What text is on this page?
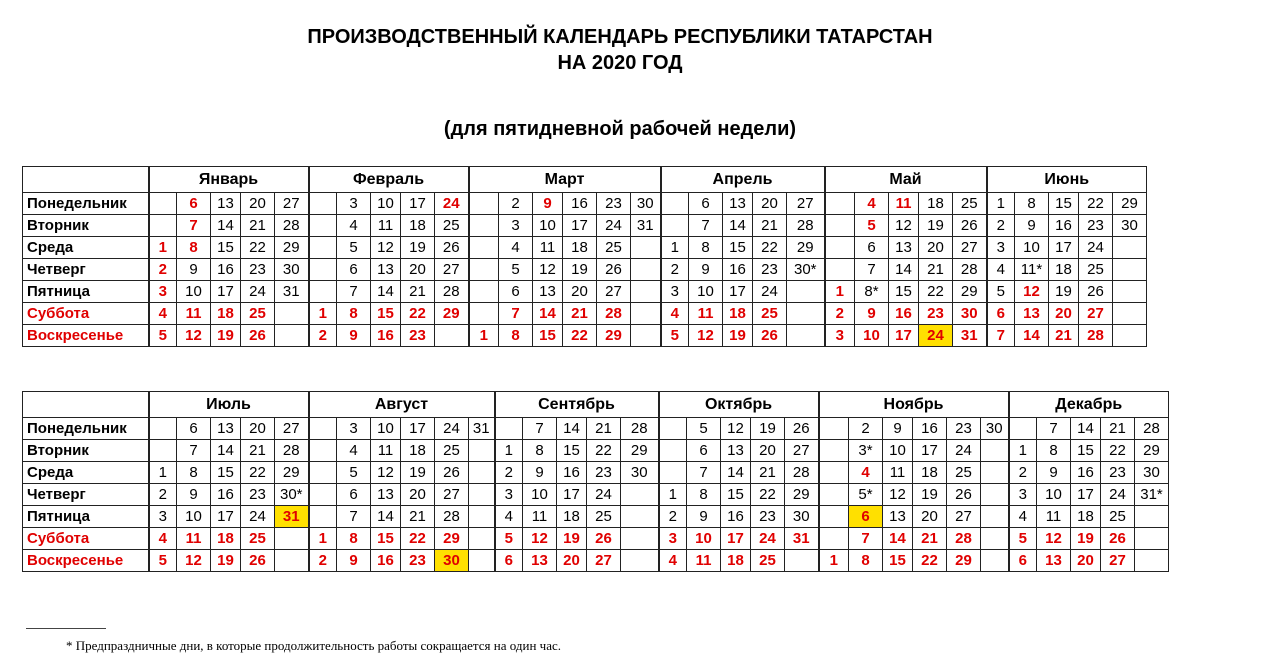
ПРОИЗВОДСТВЕННЫЙ КАЛЕНДАРЬ РЕСПУБЛИКИ ТАТАРСТАН
НА 2020 ГОД
(для пятидневной рабочей недели)
	Январь					Февраль					Март						Апрель					Май					Июнь				
Понедельник		6	13	20	27		3	10	17	24		2	9	16	23	30		6	13	20	27		4	11	18	25	1	8	15	22	29
Вторник		7	14	21	28		4	11	18	25		3	10	17	24	31		7	14	21	28		5	12	19	26	2	9	16	23	30
Среда	1	8	15	22	29		5	12	19	26		4	11	18	25		1	8	15	22	29		6	13	20	27	3	10	17	24	
Четверг	2	9	16	23	30		6	13	20	27		5	12	19	26		2	9	16	23	30*		7	14	21	28	4	11*	18	25	
Пятница	3	10	17	24	31		7	14	21	28		6	13	20	27		3	10	17	24		1	8*	15	22	29	5	12	19	26	
Суббота	4	11	18	25		1	8	15	22	29		7	14	21	28		4	11	18	25		2	9	16	23	30	6	13	20	27	
Воскресенье	5	12	19	26		2	9	16	23		1	8	15	22	29		5	12	19	26		3	10	17	24	31	7	14	21	28	
	Июль					Август						Сентябрь					Октябрь					Ноябрь						Декабрь				
Понедельник		6	13	20	27		3	10	17	24	31		7	14	21	28		5	12	19	26		2	9	16	23	30		7	14	21	28
Вторник		7	14	21	28		4	11	18	25		1	8	15	22	29		6	13	20	27		3*	10	17	24		1	8	15	22	29
Среда	1	8	15	22	29		5	12	19	26		2	9	16	23	30		7	14	21	28		4	11	18	25		2	9	16	23	30
Четверг	2	9	16	23	30*		6	13	20	27		3	10	17	24		1	8	15	22	29		5*	12	19	26		3	10	17	24	31*
Пятница	3	10	17	24	31		7	14	21	28		4	11	18	25		2	9	16	23	30		6	13	20	27		4	11	18	25	
Суббота	4	11	18	25		1	8	15	22	29		5	12	19	26		3	10	17	24	31		7	14	21	28		5	12	19	26	
Воскресенье	5	12	19	26		2	9	16	23	30		6	13	20	27		4	11	18	25		1	8	15	22	29		6	13	20	27	
* Предпраздничные дни, в которые продолжительность работы сокращается на один час.
